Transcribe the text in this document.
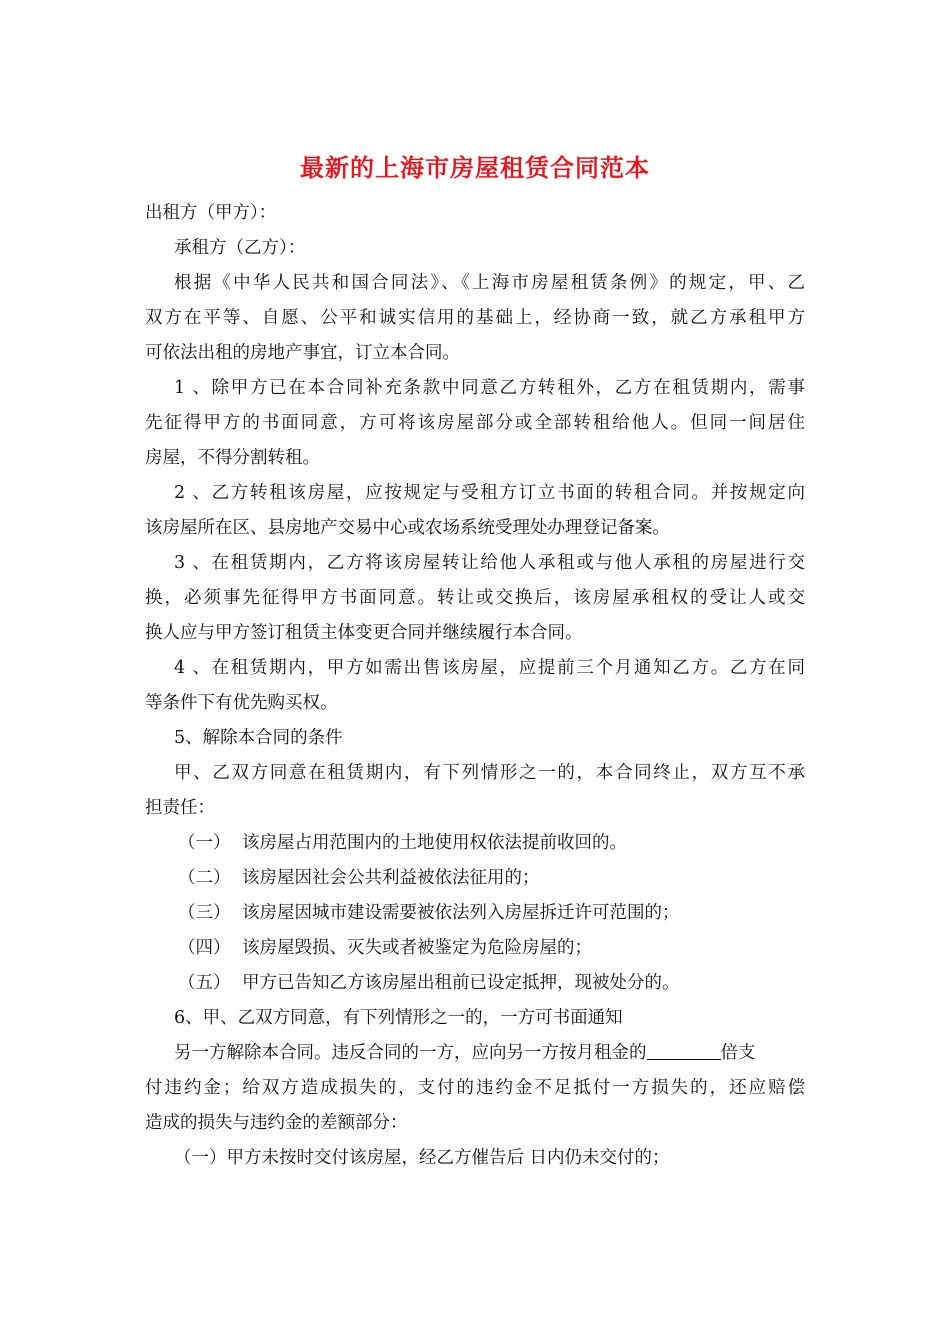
最新的上海市房屋租赁合同范本
出租方（甲方）：
承租方（乙方）：
根据《中华人民共和国合同法》、《上海市房屋租赁条例》的规定，甲、乙
双方在平等、自愿、公平和诚实信用的基础上，经协商一致，就乙方承租甲方
可依法出租的房地产事宜，订立本合同。
1 、除甲方已在本合同补充条款中同意乙方转租外，乙方在租赁期内，需事
先征得甲方的书面同意，方可将该房屋部分或全部转租给他人。但同一间居住
房屋，不得分割转租。
2 、乙方转租该房屋，应按规定与受租方订立书面的转租合同。并按规定向
该房屋所在区、县房地产交易中心或农场系统受理处办理登记备案。
3 、在租赁期内，乙方将该房屋转让给他人承租或与他人承租的房屋进行交
换，必须事先征得甲方书面同意。转让或交换后，该房屋承租权的受让人或交
换人应与甲方签订租赁主体变更合同并继续履行本合同。
4 、在租赁期内，甲方如需出售该房屋，应提前三个月通知乙方。乙方在同
等条件下有优先购买权。
5、解除本合同的条件
甲、乙双方同意在租赁期内，有下列情形之一的，本合同终止，双方互不承
担责任：
（一） 该房屋占用范围内的土地使用权依法提前收回的。
（二） 该房屋因社会公共利益被依法征用的；
（三） 该房屋因城市建设需要被依法列入房屋拆迁许可范围的；
（四） 该房屋毁损、灭失或者被鉴定为危险房屋的；
（五） 甲方已告知乙方该房屋出租前已设定抵押，现被处分的。
6、甲、乙双方同意，有下列情形之一的，一方可书面通知
另一方解除本合同。违反合同的一方，应向另一方按月租金的	倍支
付违约金；给双方造成损失的，支付的违约金不足抵付一方损失的，还应赔偿
造成的损失与违约金的差额部分：
（一）甲方未按时交付该房屋，经乙方催告后 日内仍未交付的；
